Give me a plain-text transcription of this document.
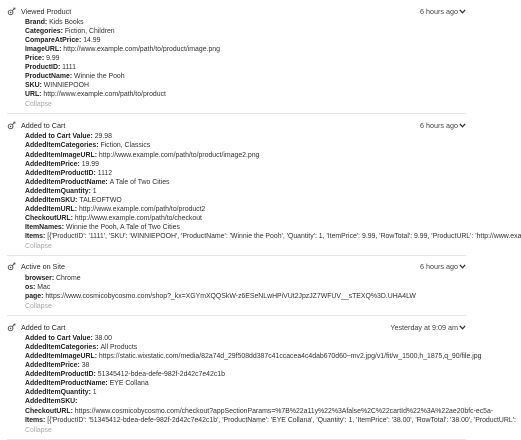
Viewed Product	6 hours ago
Brand: Kids Books
Categories: Fiction, Children
CompareAtPrice: 14.99
ImageURL: http://www.example.com/path/to/product/image.png
Price: 9.99
ProductID: 1111
ProductName: Winnie the Pooh
SKU: WINNIEPOOH
URL: http://www.example.com/path/to/product
Collapse
Added to Cart	6 hours ago
Added to Cart Value: 29.98
AddedItemCategories: Fiction, Classics
AddedItemImageURL: http://www.example.com/path/to/product/image2.png
AddedItemPrice: 19.99
AddedItemProductID: 1112
AddedItemProductName: A Tale of Two Cities
AddedItemQuantity: 1
AddedItemSKU: TALEOFTWO
AddedItemURL: http://www.example.com/path/to/product2
CheckoutURL: http://www.example.com/path/to/checkout
ItemNames: Winnie the Pooh, A Tale of Two Cities
Items: [{'ProductID': '1111', 'SKU': 'WINNIEPOOH', 'ProductName': 'Winnie the Pooh', 'Quantity': 1, 'ItemPrice': 9.99, 'RowTotal': 9.99, 'ProductURL': 'http://www.exa
Collapse
Active on Site	6 hours ago
browser: Chrome
os: Mac
page: https://www.cosmicobycosmo.com/shop?_kx=XGYmXQQSkW-z6ESeNLwHPiVUt2JpzJZ7WFUV__sTEXQ%3D.UHA4LW
Collapse
Added to Cart	Yesterday at 9:09 am
Added to Cart Value: 38.00
AddedItemCategories: All Products
AddedItemImageURL: https://static.wixstatic.com/media/82a74d_29f508dd387c41ccacea4c4dab670d60~mv2.jpg/v1/fit/w_1500,h_1875,q_90/file.jpg
AddedItemPrice: 38
AddedItemProductID: 51345412-bdea-defe-982f-2d42c7e42c1b
AddedItemProductName: EYE Collana
AddedItemQuantity: 1
AddedItemSKU:
CheckoutURL: https://www.cosmicobycosmo.com/checkout?appSectionParams=%7B%22a11y%22%3Afalse%2C%22cartId%22%3A%22ae20bfc-ec5a-
Items: [{'ProductID': '51345412-bdea-defe-982f-2d42c7e42c1b', 'ProductName': 'EYE Collana', 'Quantity': 1, 'ItemPrice': '38.00', 'RowTotal': '38.00', 'ProductURL':
Collapse
